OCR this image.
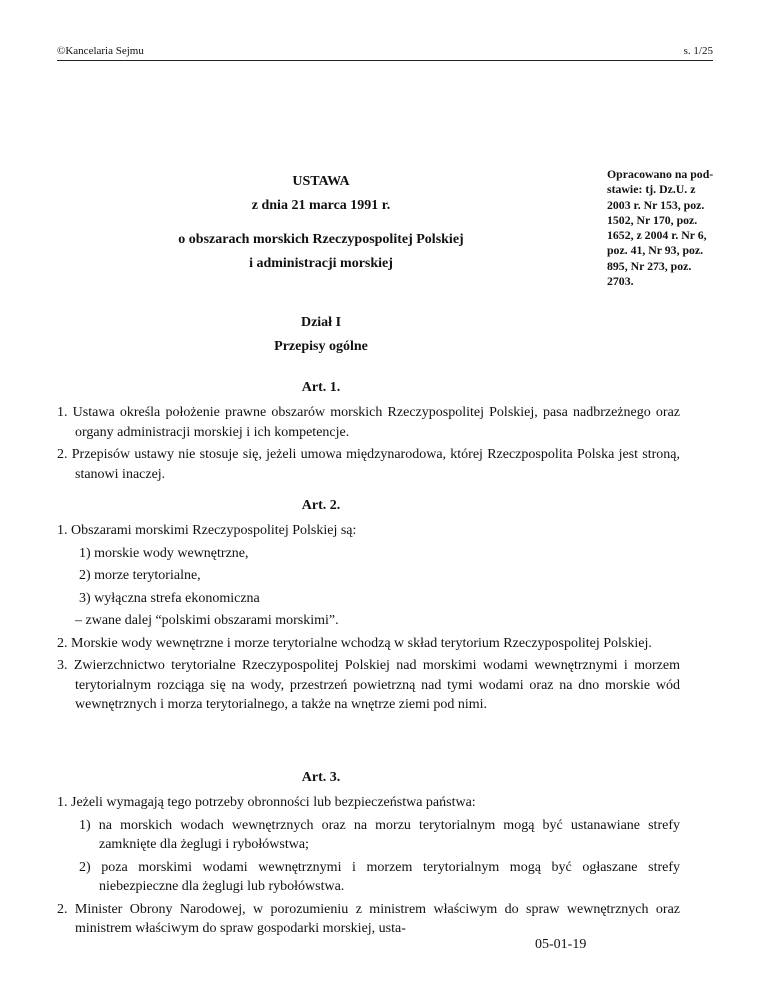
©Kancelaria Sejmu	s. 1/25
USTAWA
z dnia 21 marca 1991 r.
o obszarach morskich Rzeczypospolitej Polskiej
i administracji morskiej
Opracowano na pod-
stawie: tj. Dz.U. z
2003 r. Nr 153, poz.
1502, Nr 170, poz.
1652, z 2004 r. Nr 6,
poz. 41, Nr 93, poz.
895, Nr 273, poz.
2703.
Dział I
Przepisy ogólne
Art. 1.
1. Ustawa określa położenie prawne obszarów morskich Rzeczypospolitej Polskiej, pasa nadbrzeżnego oraz organy administracji morskiej i ich kompetencje.
2. Przepisów ustawy nie stosuje się, jeżeli umowa międzynarodowa, której Rzeczpospolita Polska jest stroną, stanowi inaczej.
Art. 2.
1. Obszarami morskimi Rzeczypospolitej Polskiej są:
1) morskie wody wewnętrzne,
2) morze terytorialne,
3) wyłączna strefa ekonomiczna
– zwane dalej “polskimi obszarami morskimi”.
2. Morskie wody wewnętrzne i morze terytorialne wchodzą w skład terytorium Rzeczypospolitej Polskiej.
3. Zwierzchnictwo terytorialne Rzeczypospolitej Polskiej nad morskimi wodami wewnętrznymi i morzem terytorialnym rozciąga się na wody, przestrzeń powietrzną nad tymi wodami oraz na dno morskie wód wewnętrznych i morza terytorialnego, a także na wnętrze ziemi pod nimi.
Art. 3.
1. Jeżeli wymagają tego potrzeby obronności lub bezpieczeństwa państwa:
1) na morskich wodach wewnętrznych oraz na morzu terytorialnym mogą być ustanawiane strefy zamknięte dla żeglugi i rybołówstwa;
2) poza morskimi wodami wewnętrznymi i morzem terytorialnym mogą być ogłaszane strefy niebezpieczne dla żeglugi lub rybołówstwa.
2. Minister Obrony Narodowej, w porozumieniu z ministrem właściwym do spraw wewnętrznych oraz ministrem właściwym do spraw gospodarki morskiej, usta-
05-01-19
